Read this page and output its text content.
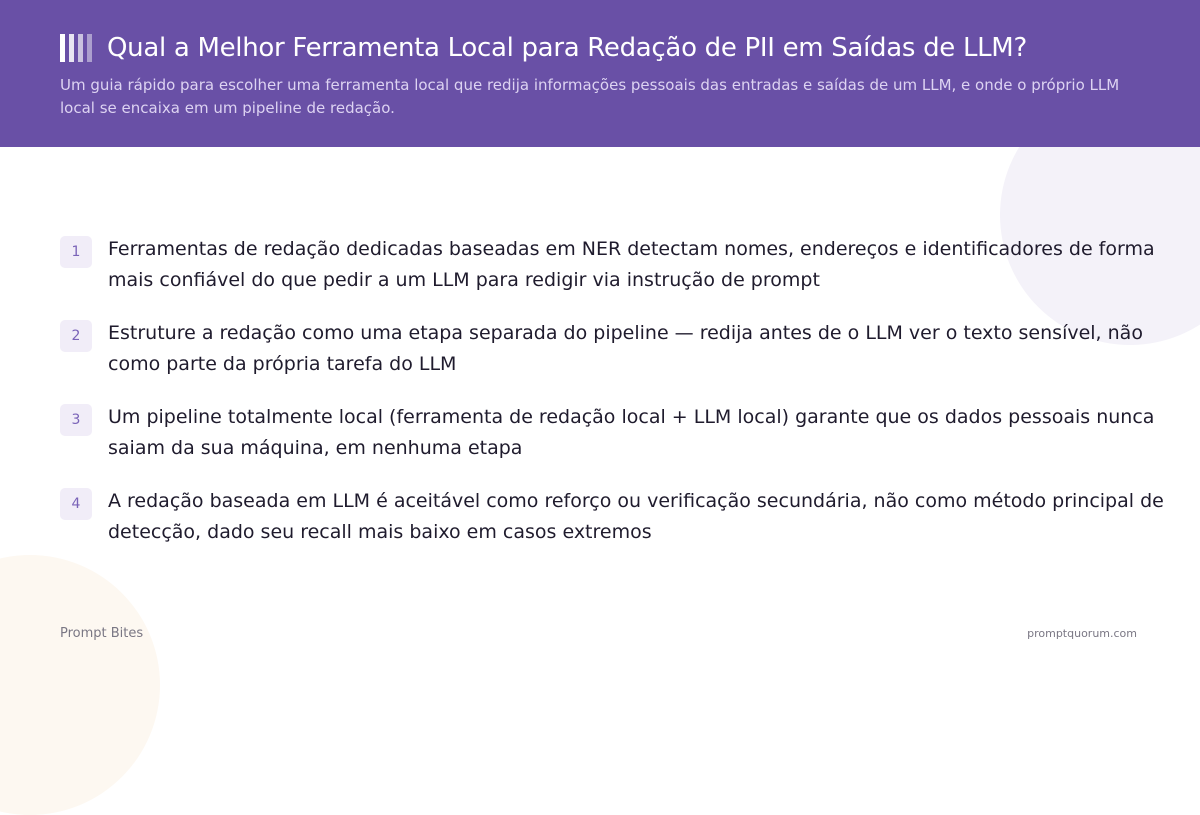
Qual a Melhor Ferramenta Local para Redação de PII em Saídas de LLM?
Um guia rápido para escolher uma ferramenta local que redija informações pessoais das entradas e saídas de um LLM, e onde o próprio LLM local se encaixa em um pipeline de redação.
1	Ferramentas de redação dedicadas baseadas em NER detectam nomes, endereços e identificadores de forma mais confiável do que pedir a um LLM para redigir via instrução de prompt
2	Estruture a redação como uma etapa separada do pipeline — redija antes de o LLM ver o texto sensível, não como parte da própria tarefa do LLM
3	Um pipeline totalmente local (ferramenta de redação local + LLM local) garante que os dados pessoais nunca saiam da sua máquina, em nenhuma etapa
4	A redação baseada em LLM é aceitável como reforço ou verificação secundária, não como método principal de detecção, dado seu recall mais baixo em casos extremos
Prompt Bites	promptquorum.com
